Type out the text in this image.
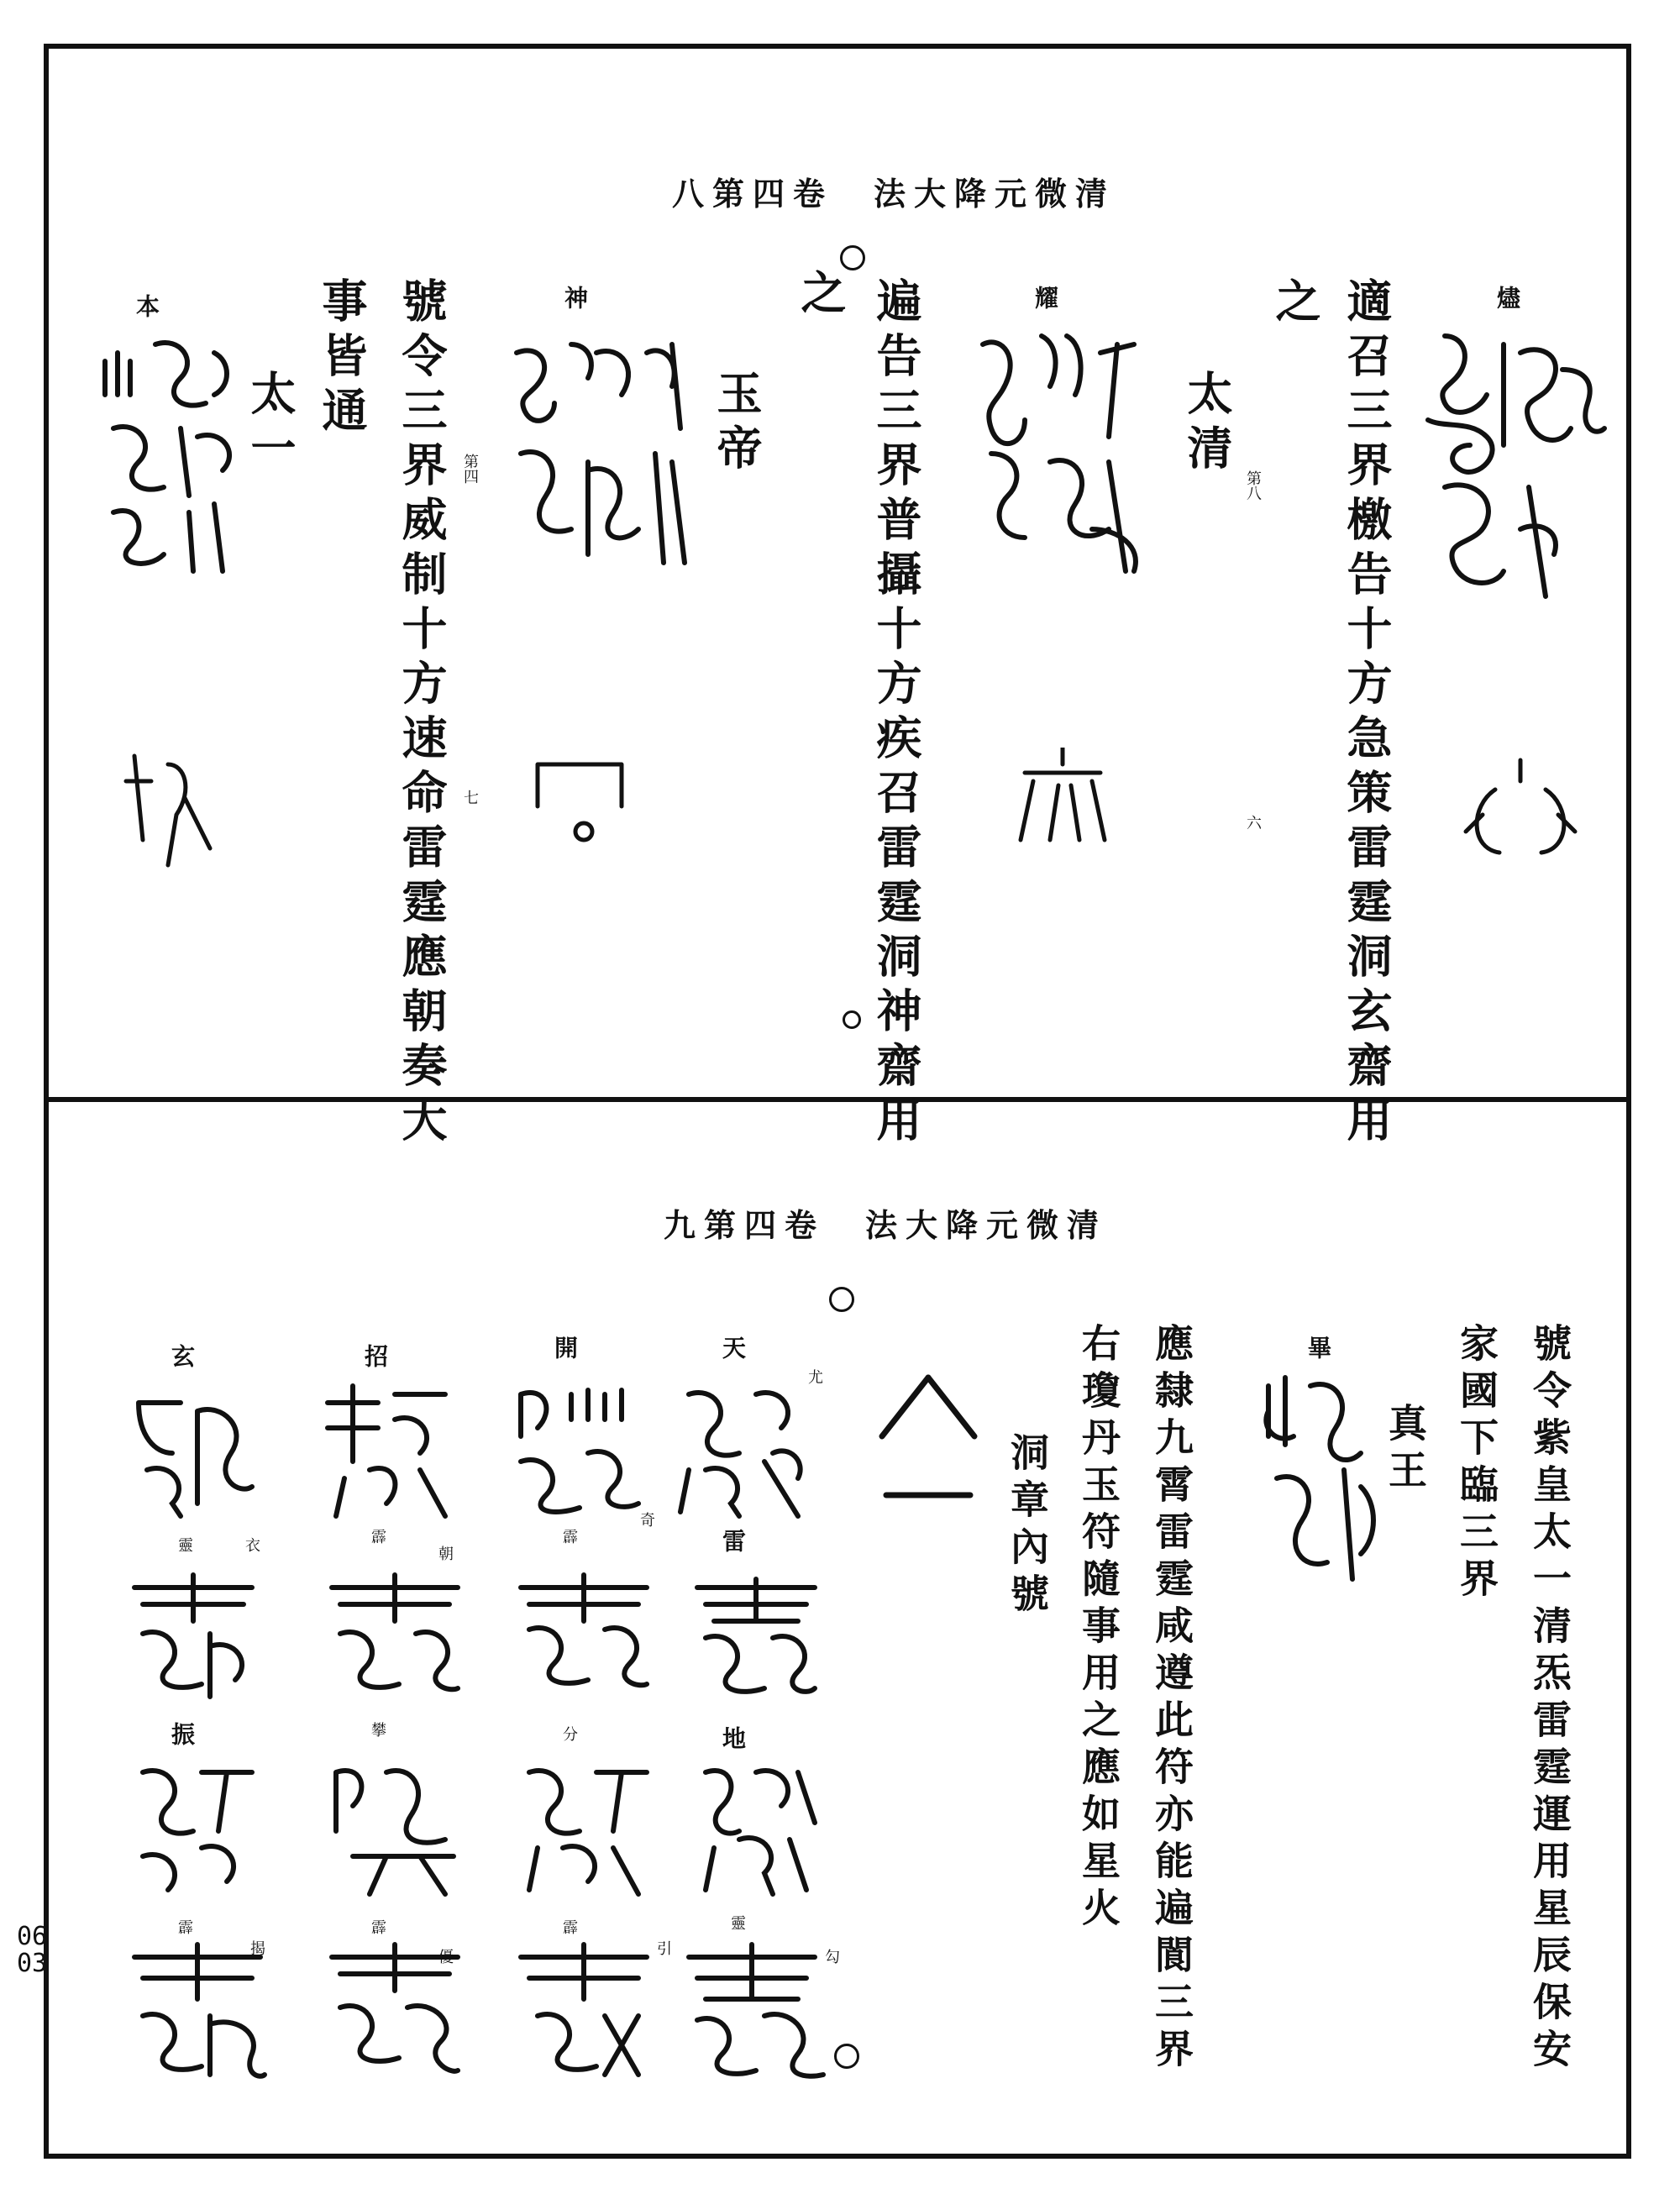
八第四卷　法大降元微清
燼
適召三界檄告十方急策雷霆洞玄齋用
之
太清
第八
六
耀
遍告三界普攝十方疾召雷霆洞神齋用
之
玉帝
神
號令三界威制十方速命雷霆應朝奏大
事皆通
太一	第四
七
本
九第四卷　法大降元微清
號令紫皇太一清炁雷霆運用星辰保安
家國下臨三界
真王
畢
應隸九霄雷霆咸遵此符亦能遍閬三界
右瓊丹玉符隨事用之應如星火
洞章內號
天
尤
雷
地
靈
勾
開
奇
霹
分
霹
引
招
霹
朝
攀
霹
優
玄
靈	衣
振
霹
揭
0603
